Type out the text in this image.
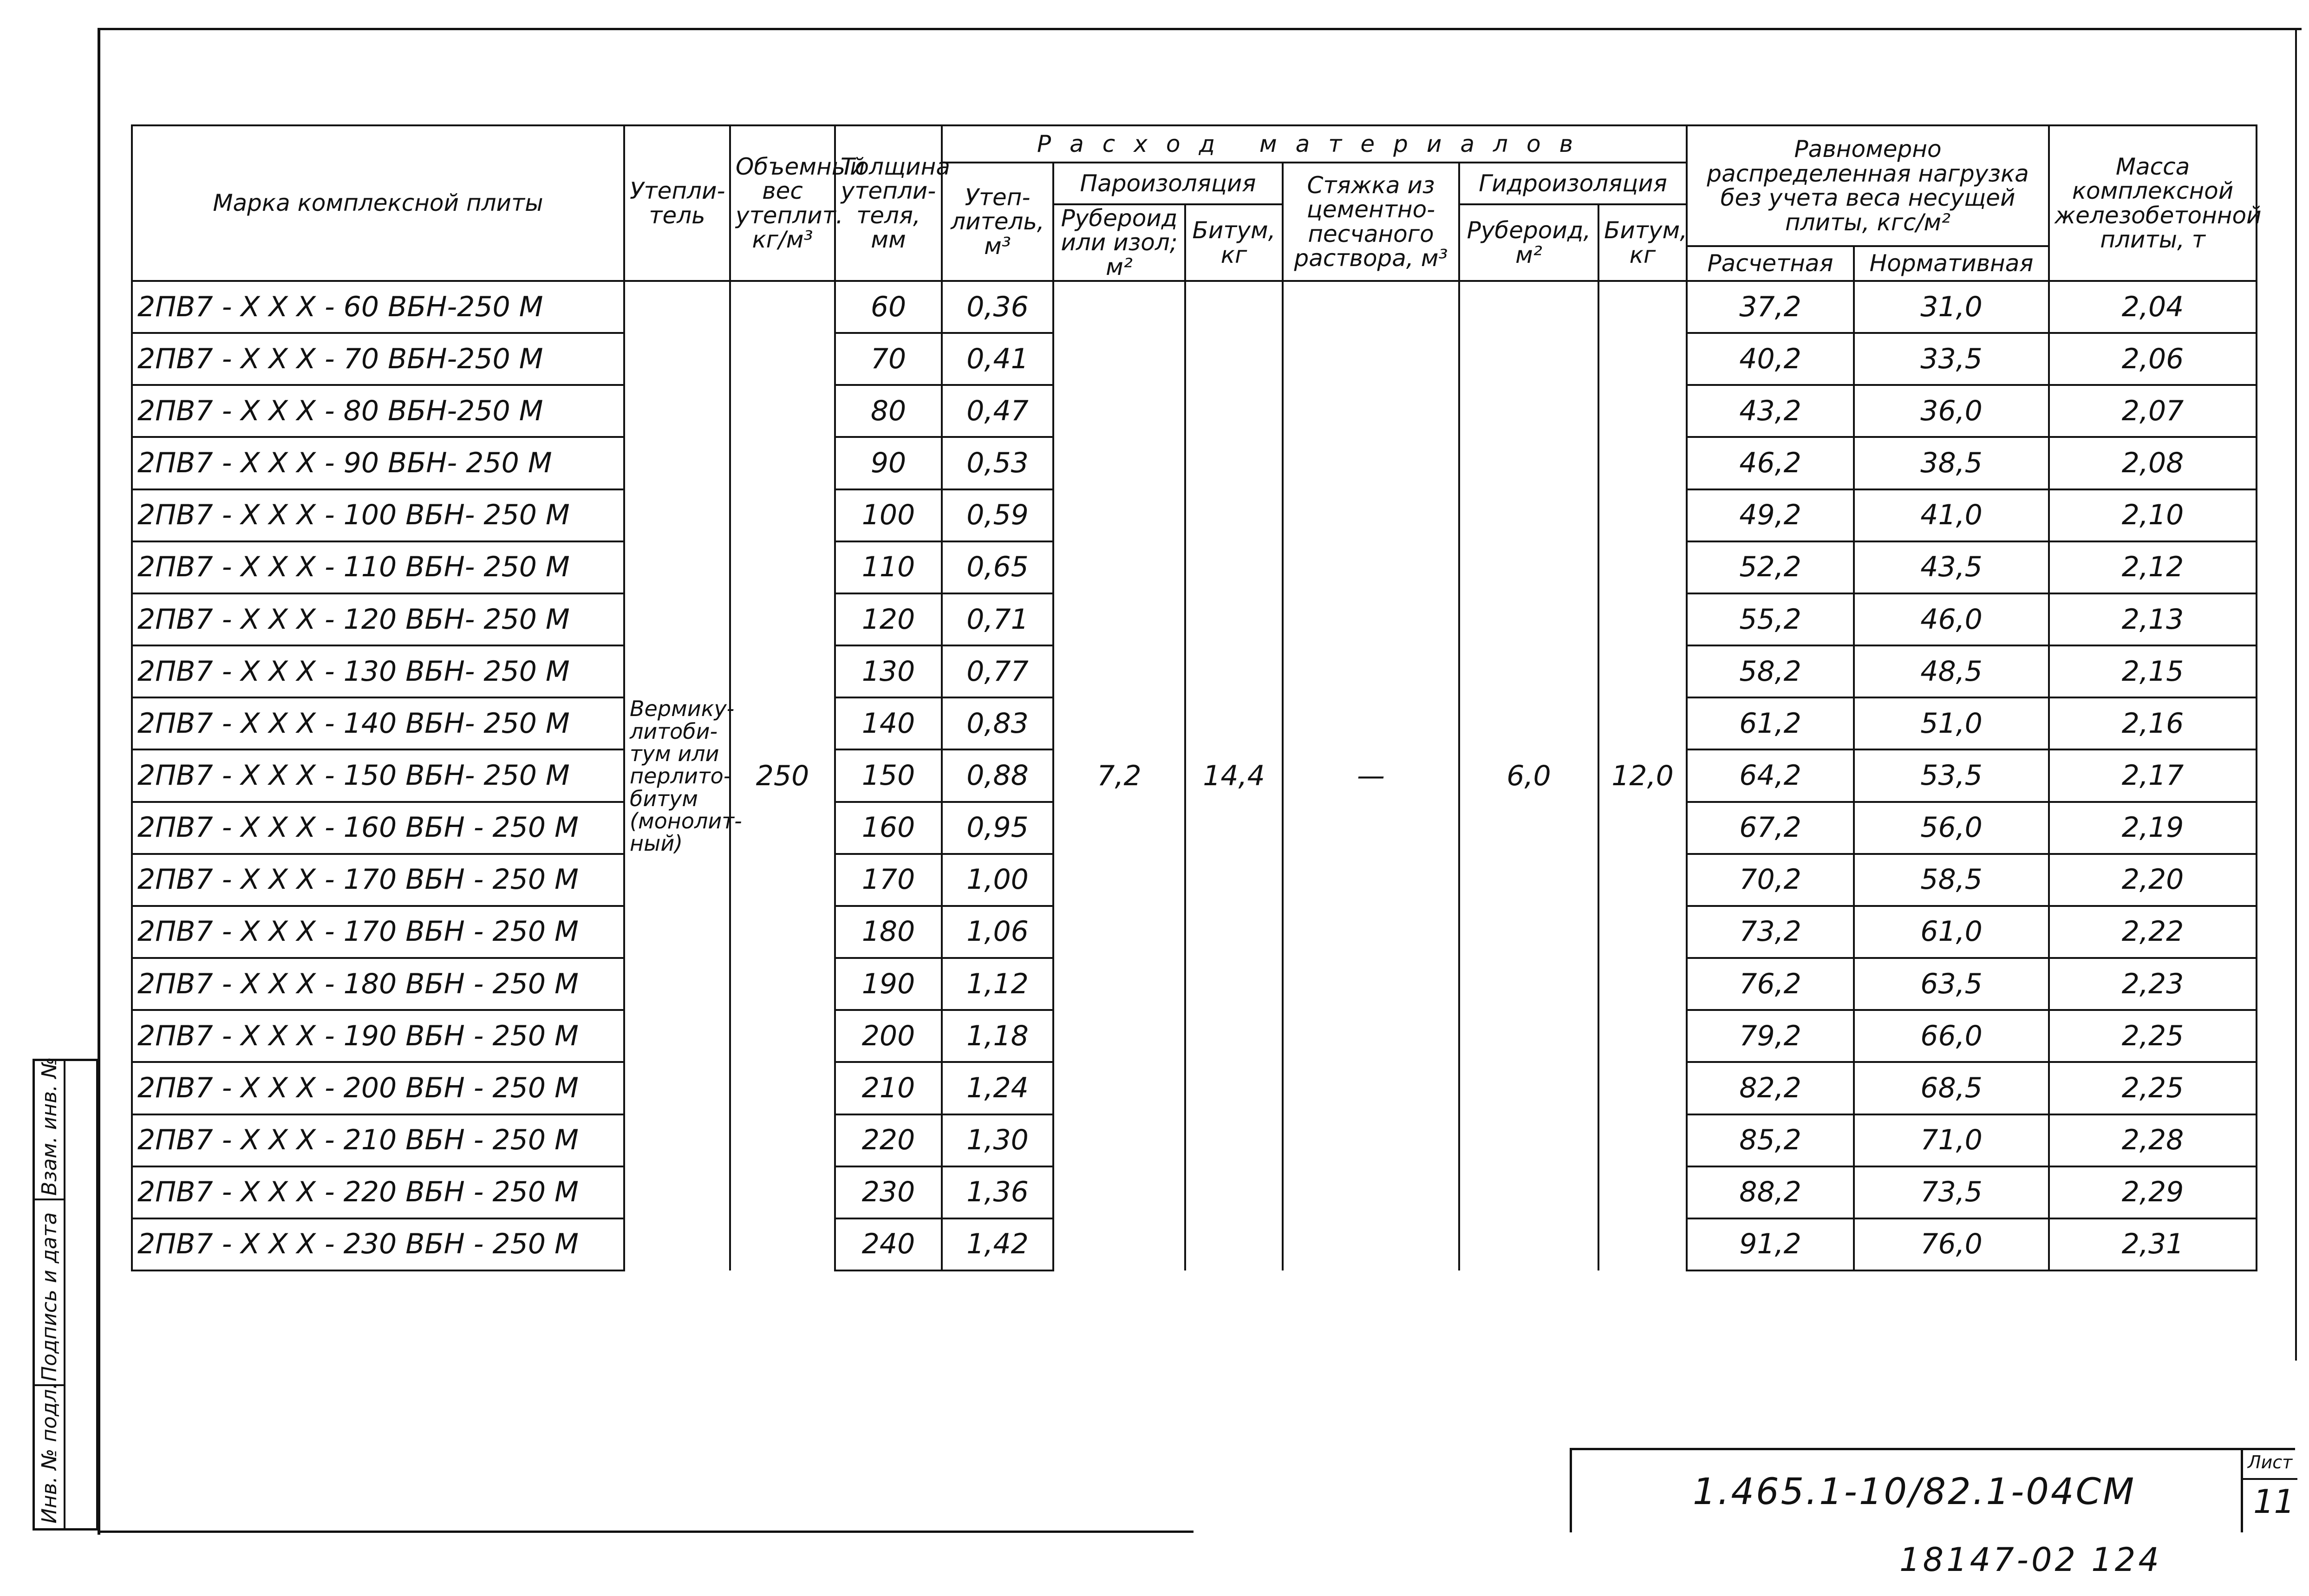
Марка комплексной плиты	Утепли-тель	Объемный вес утеплит. кг/м³	Толщина утепли-теля, мм	Расход материалов						Равномерно распределенная нагрузка без учета веса несущей плиты, кгс/м²		Масса комплексной железобетонной плиты, т
				Утеп-литель, м³	Пароизоляция		Стяжка из цементно-песчаного раствора, м³	Гидроизоляция				
					Рубероид или изол; м²	Битум, кг		Рубероид, м²	Битум, кг			
										Расчетная	Нормативная	
2ПВ7 - X X X - 60 ВБН-250 М	Вермику-литоби-тум или перлито-битум (монолит-ный)	250	60	0,36	7,2	14,4	—	6,0	12,0	37,2	31,0	2,04
2ПВ7 - X X X - 70 ВБН-250 М			70	0,41						40,2	33,5	2,06
2ПВ7 - X X X - 80 ВБН-250 М			80	0,47						43,2	36,0	2,07
2ПВ7 - X X X - 90 ВБН- 250 М			90	0,53						46,2	38,5	2,08
2ПВ7 - X X X - 100 ВБН- 250 М			100	0,59						49,2	41,0	2,10
2ПВ7 - X X X - 110 ВБН- 250 М			110	0,65						52,2	43,5	2,12
2ПВ7 - X X X - 120 ВБН- 250 М			120	0,71						55,2	46,0	2,13
2ПВ7 - X X X - 130 ВБН- 250 М			130	0,77						58,2	48,5	2,15
2ПВ7 - X X X - 140 ВБН- 250 М			140	0,83						61,2	51,0	2,16
2ПВ7 - X X X - 150 ВБН- 250 М			150	0,88						64,2	53,5	2,17
2ПВ7 - X X X - 160 ВБН - 250 М			160	0,95						67,2	56,0	2,19
2ПВ7 - X X X - 170 ВБН - 250 М			170	1,00						70,2	58,5	2,20
2ПВ7 - X X X - 170 ВБН - 250 М			180	1,06						73,2	61,0	2,22
2ПВ7 - X X X - 180 ВБН - 250 М			190	1,12						76,2	63,5	2,23
2ПВ7 - X X X - 190 ВБН - 250 М			200	1,18						79,2	66,0	2,25
2ПВ7 - X X X - 200 ВБН - 250 М			210	1,24						82,2	68,5	2,25
2ПВ7 - X X X - 210 ВБН - 250 М			220	1,30						85,2	71,0	2,28
2ПВ7 - X X X - 220 ВБН - 250 М			230	1,36						88,2	73,5	2,29
2ПВ7 - X X X - 230 ВБН - 250 М			240	1,42						91,2	76,0	2,31
Взам. инв. №
Подпись и дата
Инв. № подл.	1.465.1-10/82.1-04СМ
Лист
11
18147-02 124
